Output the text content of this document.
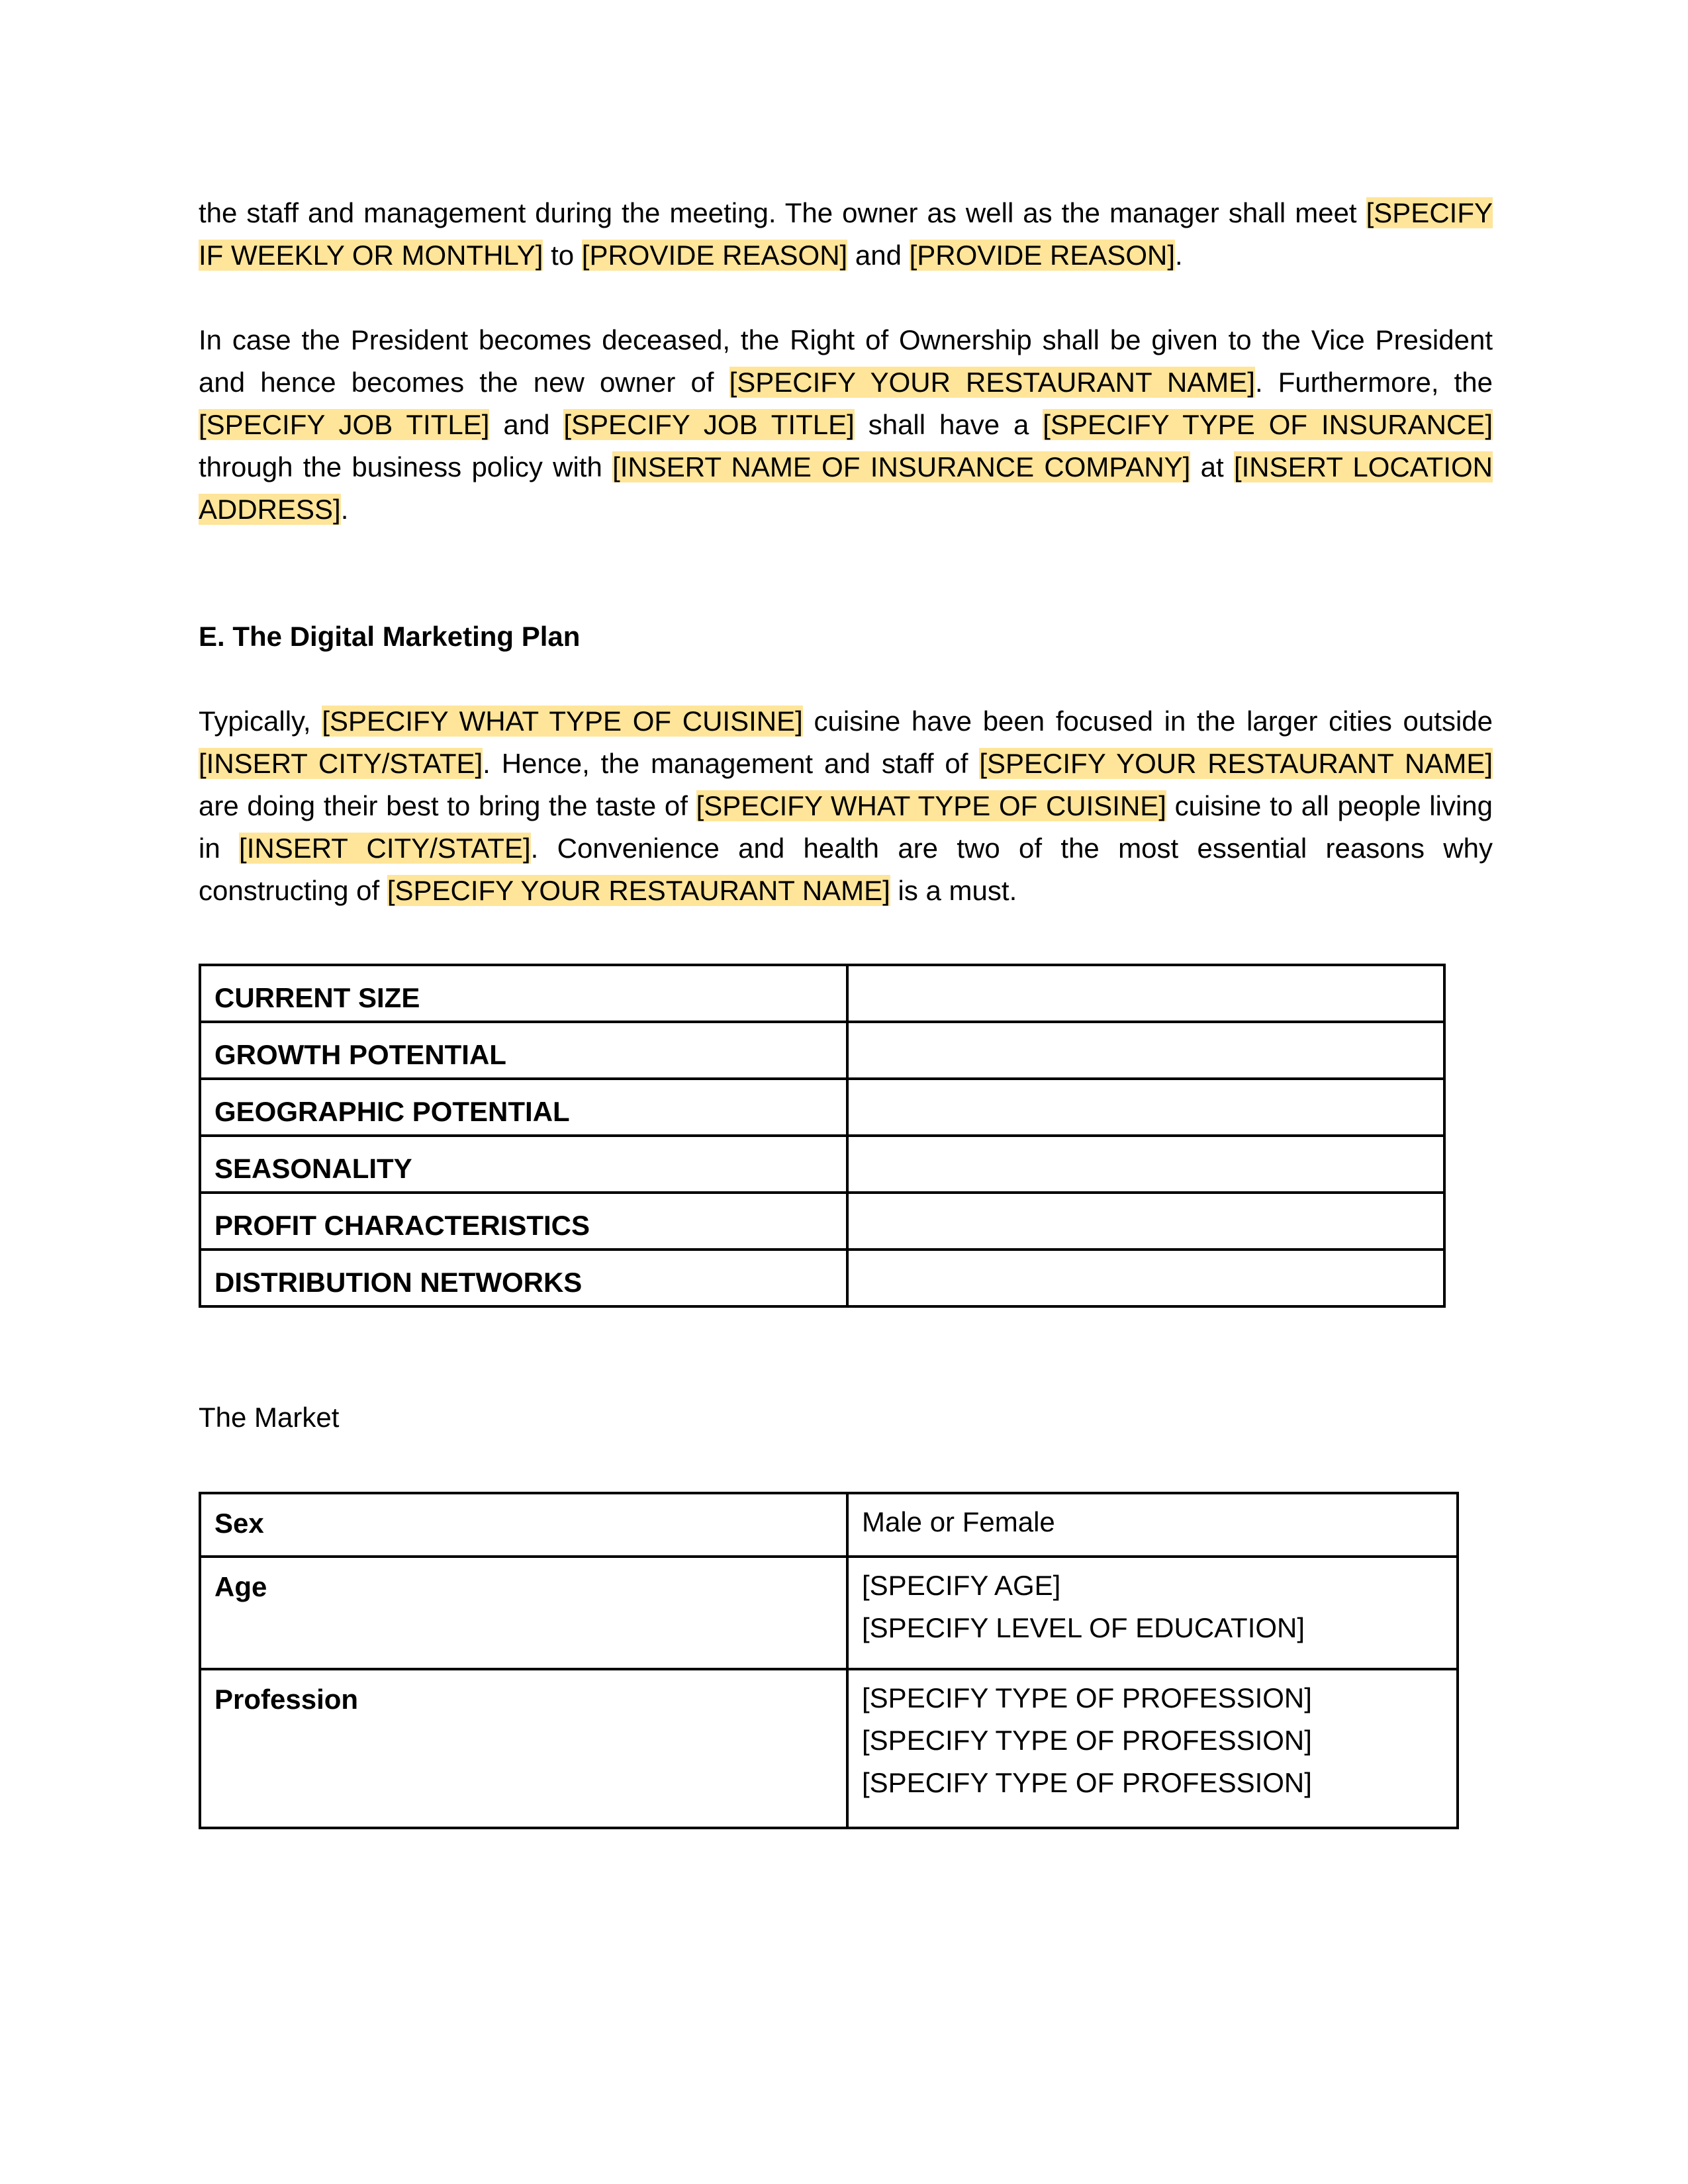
the staff and management during the meeting. The owner as well as the manager shall meet [SPECIFY IF WEEKLY OR MONTHLY] to [PROVIDE REASON] and [PROVIDE REASON].

In case the President becomes deceased, the Right of Ownership shall be given to the Vice President and hence becomes the new owner of [SPECIFY YOUR RESTAURANT NAME]. Furthermore, the [SPECIFY JOB TITLE] and [SPECIFY JOB TITLE] shall have a [SPECIFY TYPE OF INSURANCE] through the business policy with [INSERT NAME OF INSURANCE COMPANY] at [INSERT LOCATION ADDRESS].

E. The Digital Marketing Plan

Typically, [SPECIFY WHAT TYPE OF CUISINE] cuisine have been focused in the larger cities outside [INSERT CITY/STATE]. Hence, the management and staff of [SPECIFY YOUR RESTAURANT NAME] are doing their best to bring the taste of [SPECIFY WHAT TYPE OF CUISINE] cuisine to all people living in [INSERT CITY/STATE]. Convenience and health are two of the most essential reasons why constructing of [SPECIFY YOUR RESTAURANT NAME] is a must.

CURRENT SIZE	
GROWTH POTENTIAL	
GEOGRAPHIC POTENTIAL	
SEASONALITY	
PROFIT CHARACTERISTICS	
DISTRIBUTION NETWORKS	
The Market
Sex	Male or Female

Age	[SPECIFY AGE]
[SPECIFY LEVEL OF EDUCATION]

Profession	[SPECIFY TYPE OF PROFESSION]
[SPECIFY TYPE OF PROFESSION]
[SPECIFY TYPE OF PROFESSION]
